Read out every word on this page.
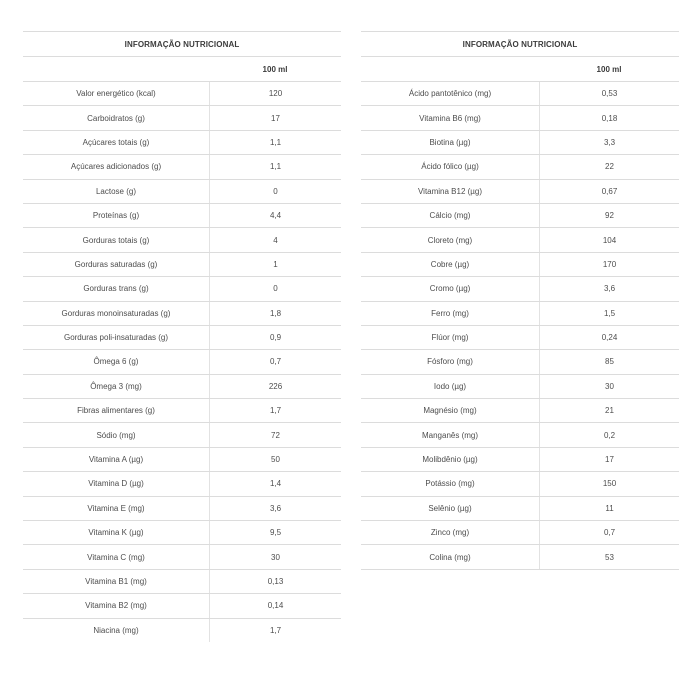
INFORMAÇÃO NUTRICIONAL
100 ml
Valor energético (kcal)	120
Carboidratos (g)	17
Açúcares totais (g)	1,1
Açúcares adicionados (g)	1,1
Lactose (g)	0
Proteínas (g)	4,4
Gorduras totais (g)	4
Gorduras saturadas (g)	1
Gorduras trans (g)	0
Gorduras monoinsaturadas (g)	1,8
Gorduras poli-insaturadas (g)	0,9
Ômega 6 (g)	0,7
Ômega 3 (mg)	226
Fibras alimentares (g)	1,7
Sódio (mg)	72
Vitamina A (µg)	50
Vitamina D (µg)	1,4
Vitamina E (mg)	3,6
Vitamina K (µg)	9,5
Vitamina C (mg)	30
Vitamina B1 (mg)	0,13
Vitamina B2 (mg)	0,14
Niacina (mg)	1,7
INFORMAÇÃO NUTRICIONAL
100 ml
Ácido pantotênico (mg)	0,53
Vitamina B6 (mg)	0,18
Biotina (µg)	3,3
Ácido fólico (µg)	22
Vitamina B12 (µg)	0,67
Cálcio (mg)	92
Cloreto (mg)	104
Cobre (µg)	170
Cromo (µg)	3,6
Ferro (mg)	1,5
Flúor (mg)	0,24
Fósforo (mg)	85
Iodo (µg)	30
Magnésio (mg)	21
Manganês (mg)	0,2
Molibdênio (µg)	17
Potássio (mg)	150
Selênio (µg)	11
Zinco (mg)	0,7
Colina (mg)	53
